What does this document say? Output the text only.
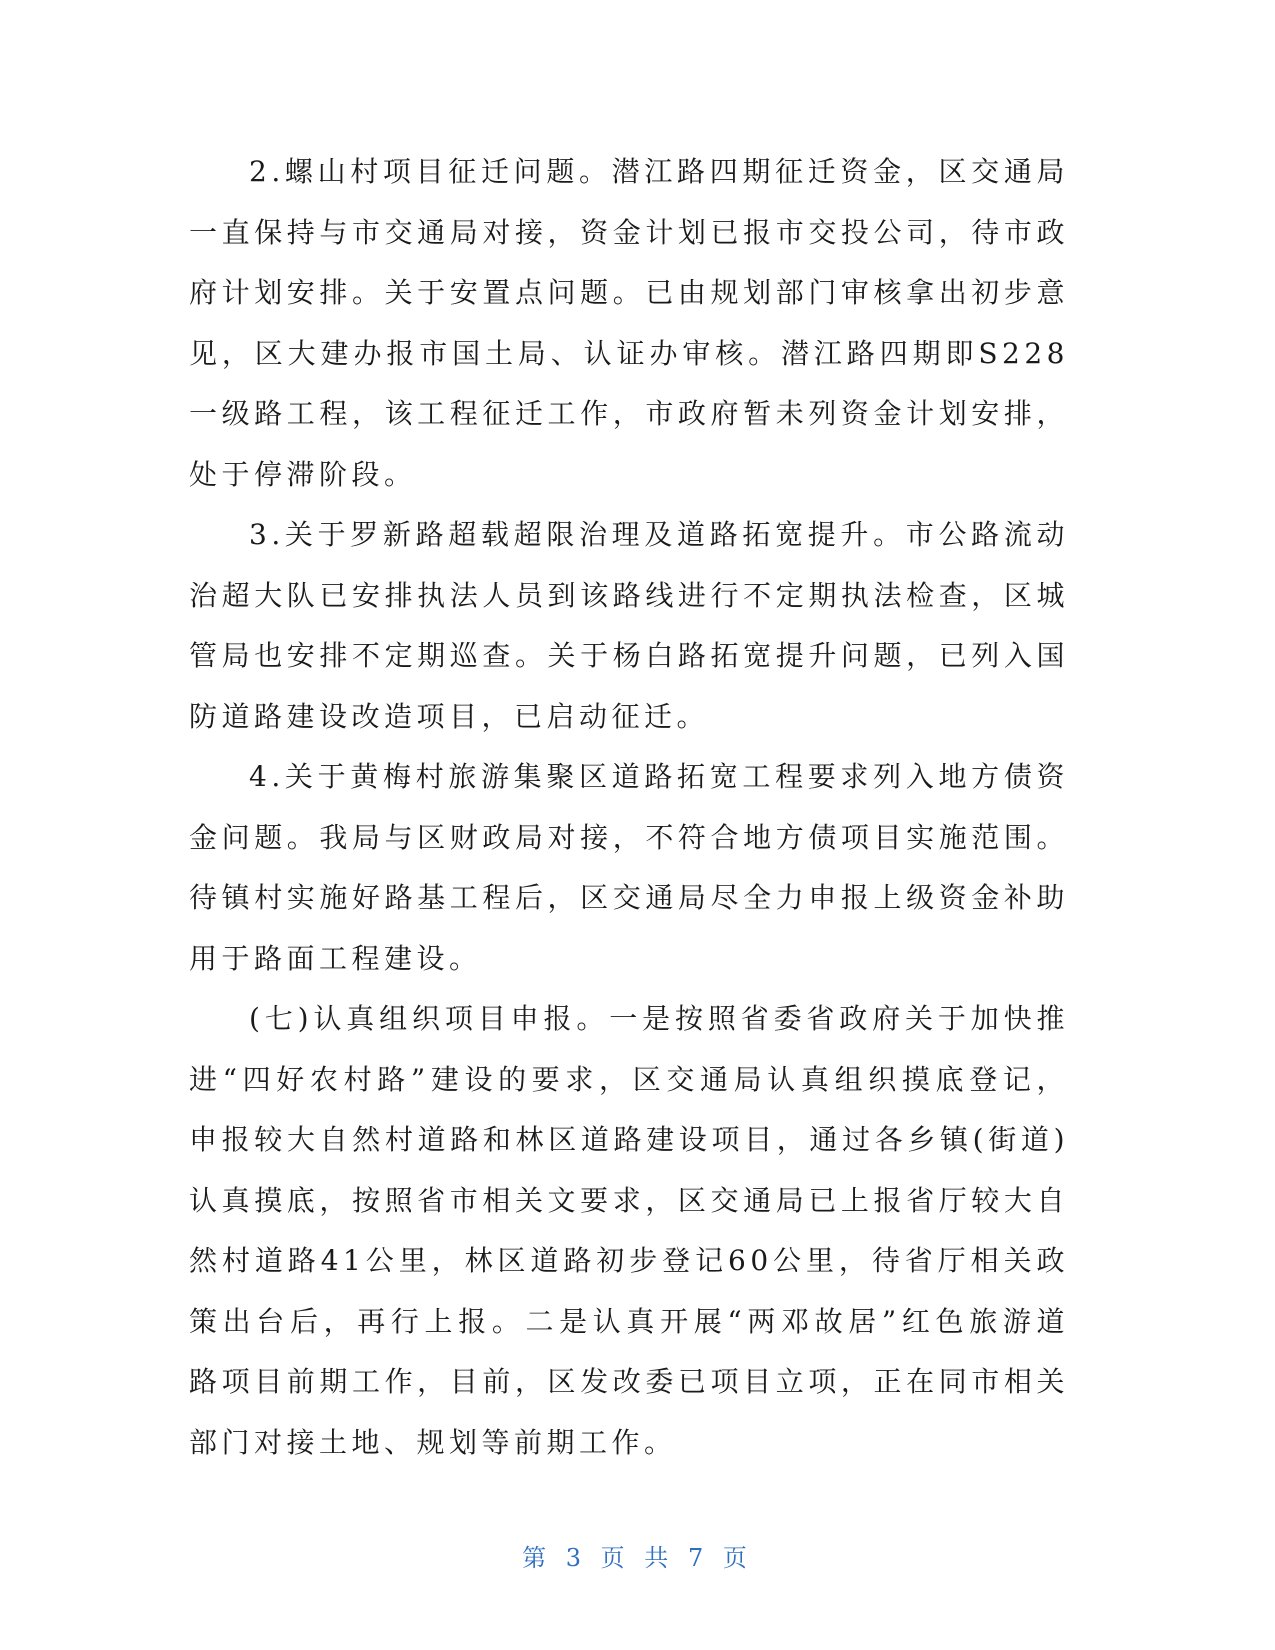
2.螺山村项目征迁问题。潜江路四期征迁资金，区交通局一直保持与市交通局对接，资金计划已报市交投公司，待市政府计划安排。关于安置点问题。已由规划部门审核拿出初步意见，区大建办报市国土局、认证办审核。潜江路四期即S228一级路工程，该工程征迁工作，市政府暂未列资金计划安排，处于停滞阶段。

3.关于罗新路超载超限治理及道路拓宽提升。市公路流动治超大队已安排执法人员到该路线进行不定期执法检查，区城管局也安排不定期巡查。关于杨白路拓宽提升问题，已列入国防道路建设改造项目，已启动征迁。

4.关于黄梅村旅游集聚区道路拓宽工程要求列入地方债资金问题。我局与区财政局对接，不符合地方债项目实施范围。待镇村实施好路基工程后，区交通局尽全力申报上级资金补助用于路面工程建设。

(七)认真组织项目申报。一是按照省委省政府关于加快推进“四好农村路”建设的要求，区交通局认真组织摸底登记，申报较大自然村道路和林区道路建设项目，通过各乡镇(街道)认真摸底，按照省市相关文要求，区交通局已上报省厅较大自然村道路41公里，林区道路初步登记60公里，待省厅相关政策出台后，再行上报。二是认真开展“两邓故居”红色旅游道路项目前期工作，目前，区发改委已项目立项，正在同市相关部门对接土地、规划等前期工作。

第 3 页 共 7 页
